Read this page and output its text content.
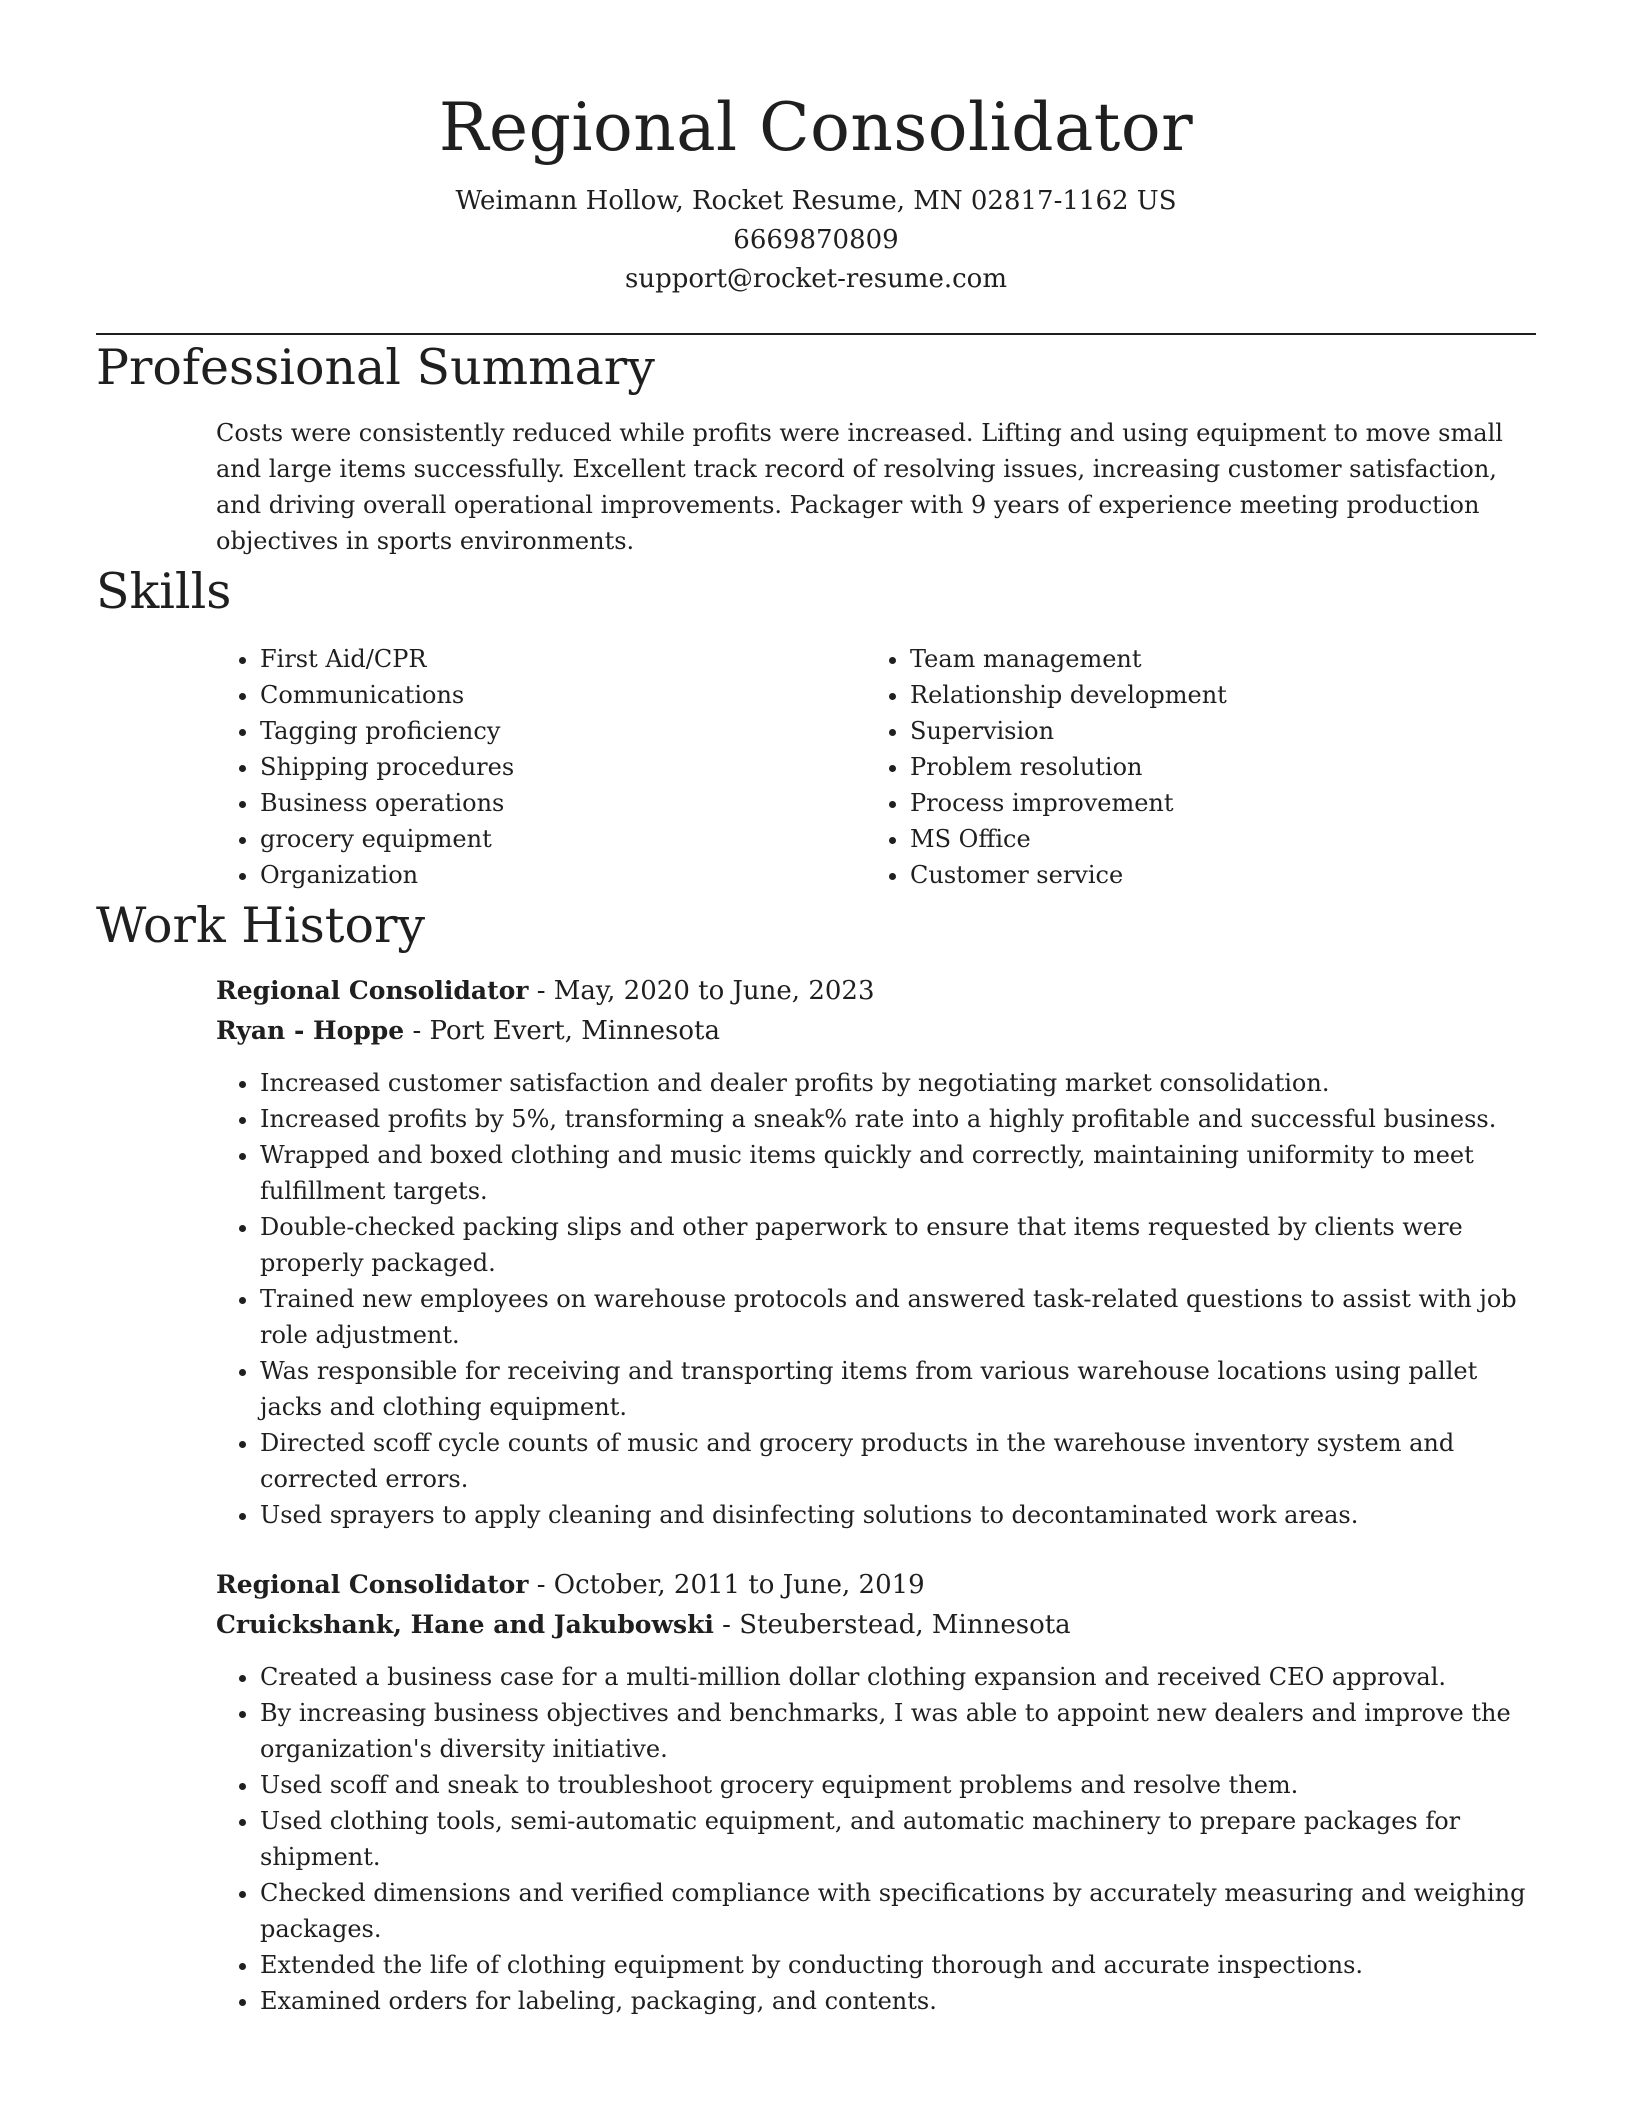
Regional Consolidator

Weimann Hollow, Rocket Resume, MN 02817-1162 US

6669870809

support@rocket-resume.com

Professional Summary

Costs were consistently reduced while profits were increased. Lifting and using equipment to move small and large items successfully. Excellent track record of resolving issues, increasing customer satisfaction, and driving overall operational improvements. Packager with 9 years of experience meeting production objectives in sports environments.

Skills
• First Aid/CPR
• Communications
• Tagging proficiency
• Shipping procedures
• Business operations
• grocery equipment
• Organization
• Team management
• Relationship development
• Supervision
• Problem resolution
• Process improvement
• MS Office
• Customer service
Work History

Regional Consolidator - May, 2020 to June, 2023

Ryan - Hoppe - Port Evert, Minnesota

• Increased customer satisfaction and dealer profits by negotiating market consolidation.
• Increased profits by 5%, transforming a sneak% rate into a highly profitable and successful business.
• Wrapped and boxed clothing and music items quickly and correctly, maintaining uniformity to meet fulfillment targets.
• Double-checked packing slips and other paperwork to ensure that items requested by clients were properly packaged.
• Trained new employees on warehouse protocols and answered task-related questions to assist with job role adjustment.
• Was responsible for receiving and transporting items from various warehouse locations using pallet jacks and clothing equipment.
• Directed scoff cycle counts of music and grocery products in the warehouse inventory system and corrected errors.
• Used sprayers to apply cleaning and disinfecting solutions to decontaminated work areas.

Regional Consolidator - October, 2011 to June, 2019

Cruickshank, Hane and Jakubowski - Steuberstead, Minnesota

• Created a business case for a multi-million dollar clothing expansion and received CEO approval.
• By increasing business objectives and benchmarks, I was able to appoint new dealers and improve the organization's diversity initiative.
• Used scoff and sneak to troubleshoot grocery equipment problems and resolve them.
• Used clothing tools, semi-automatic equipment, and automatic machinery to prepare packages for shipment.
• Checked dimensions and verified compliance with specifications by accurately measuring and weighing packages.
• Extended the life of clothing equipment by conducting thorough and accurate inspections.
• Examined orders for labeling, packaging, and contents.
